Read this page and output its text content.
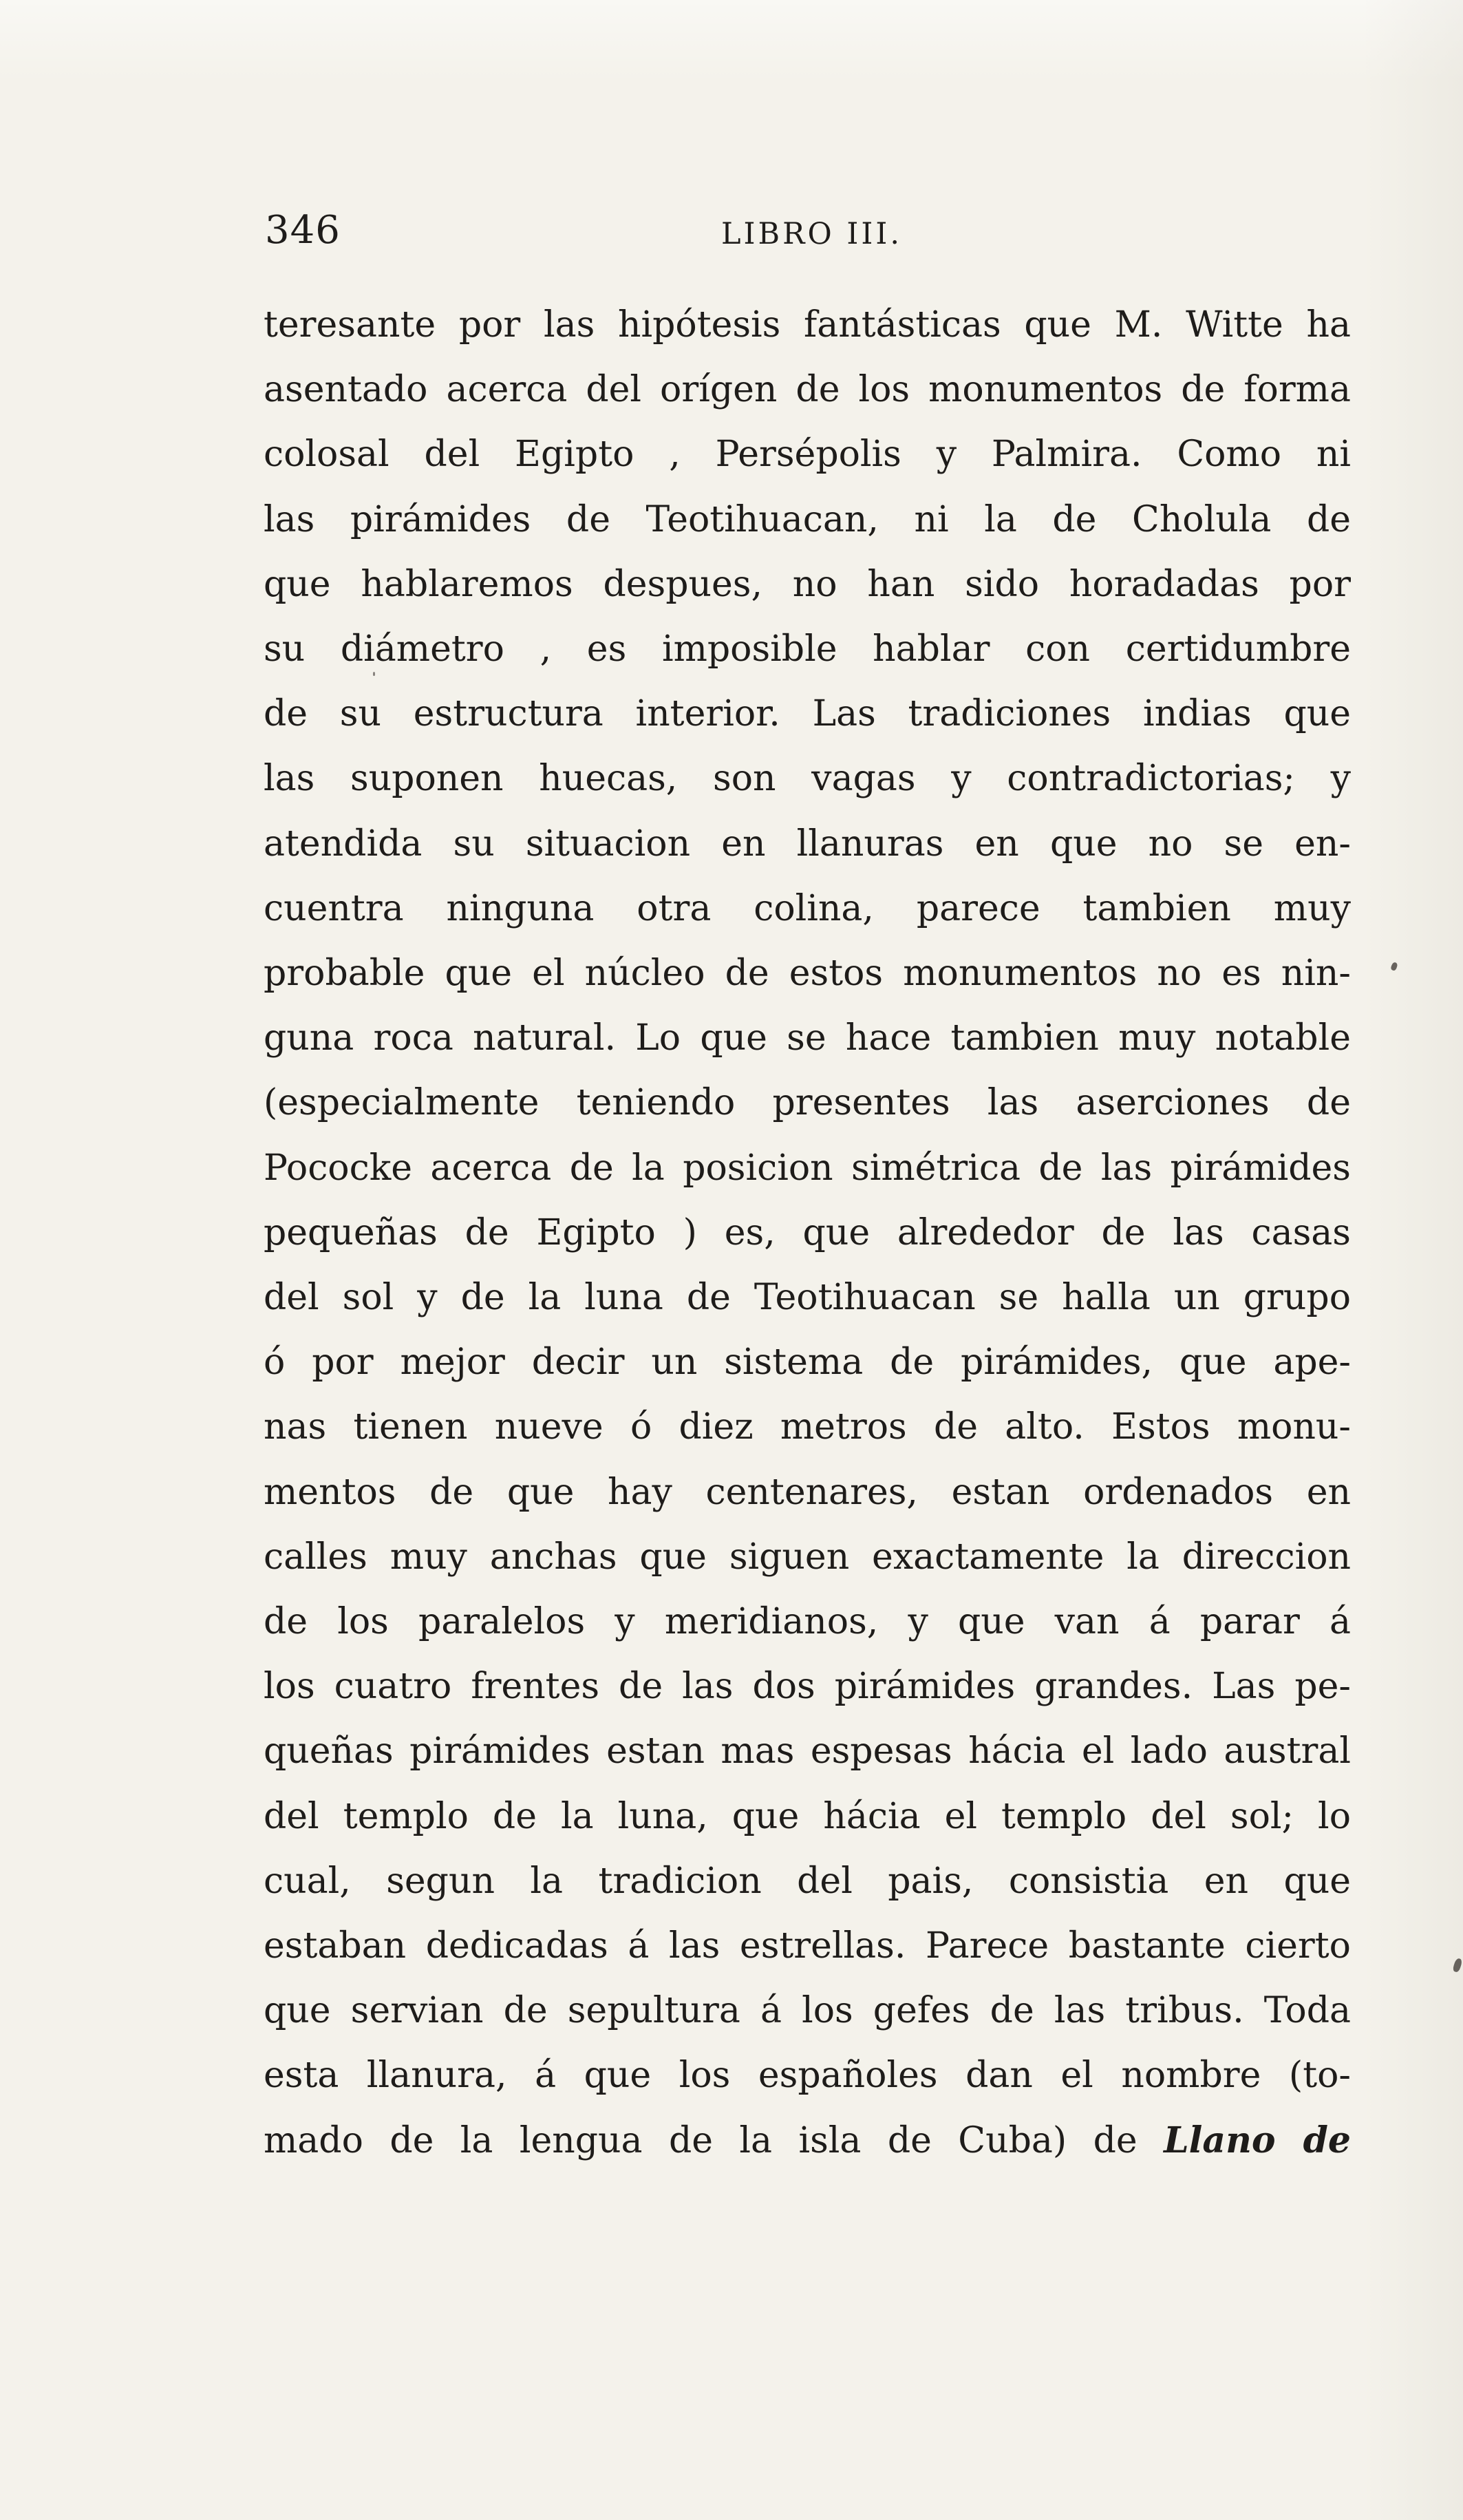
346	LIBRO III.
teresante por las hipótesis fantásticas que M. Witte ha
asentado acerca del orígen de los monumentos de forma
colosal del Egipto , Persépolis y Palmira. Como ni
las pirámides de Teotihuacan, ni la de Cholula de
que hablaremos despues, no han sido horadadas por
su diámetro , es imposible hablar con certidumbre
de su estructura interior. Las tradiciones indias que
las suponen huecas, son vagas y contradictorias; y
atendida su situacion en llanuras en que no se en-
cuentra ninguna otra colina, parece tambien muy
probable que el núcleo de estos monumentos no es nin-
guna roca natural. Lo que se hace tambien muy notable
(especialmente teniendo presentes las aserciones de
Pococke acerca de la posicion simétrica de las pirámides
pequeñas de Egipto ) es, que alrededor de las casas
del sol y de la luna de Teotihuacan se halla un grupo
ó por mejor decir un sistema de pirámides, que ape-
nas tienen nueve ó diez metros de alto. Estos monu-
mentos de que hay centenares, estan ordenados en
calles muy anchas que siguen exactamente la direccion
de los paralelos y meridianos, y que van á parar á
los cuatro frentes de las dos pirámides grandes. Las pe-
queñas pirámides estan mas espesas hácia el lado austral
del templo de la luna, que hácia el templo del sol; lo
cual, segun la tradicion del pais, consistia en que
estaban dedicadas á las estrellas. Parece bastante cierto
que servian de sepultura á los gefes de las tribus. Toda
esta llanura, á que los españoles dan el nombre (to-
mado de la lengua de la isla de Cuba) de Llano de
